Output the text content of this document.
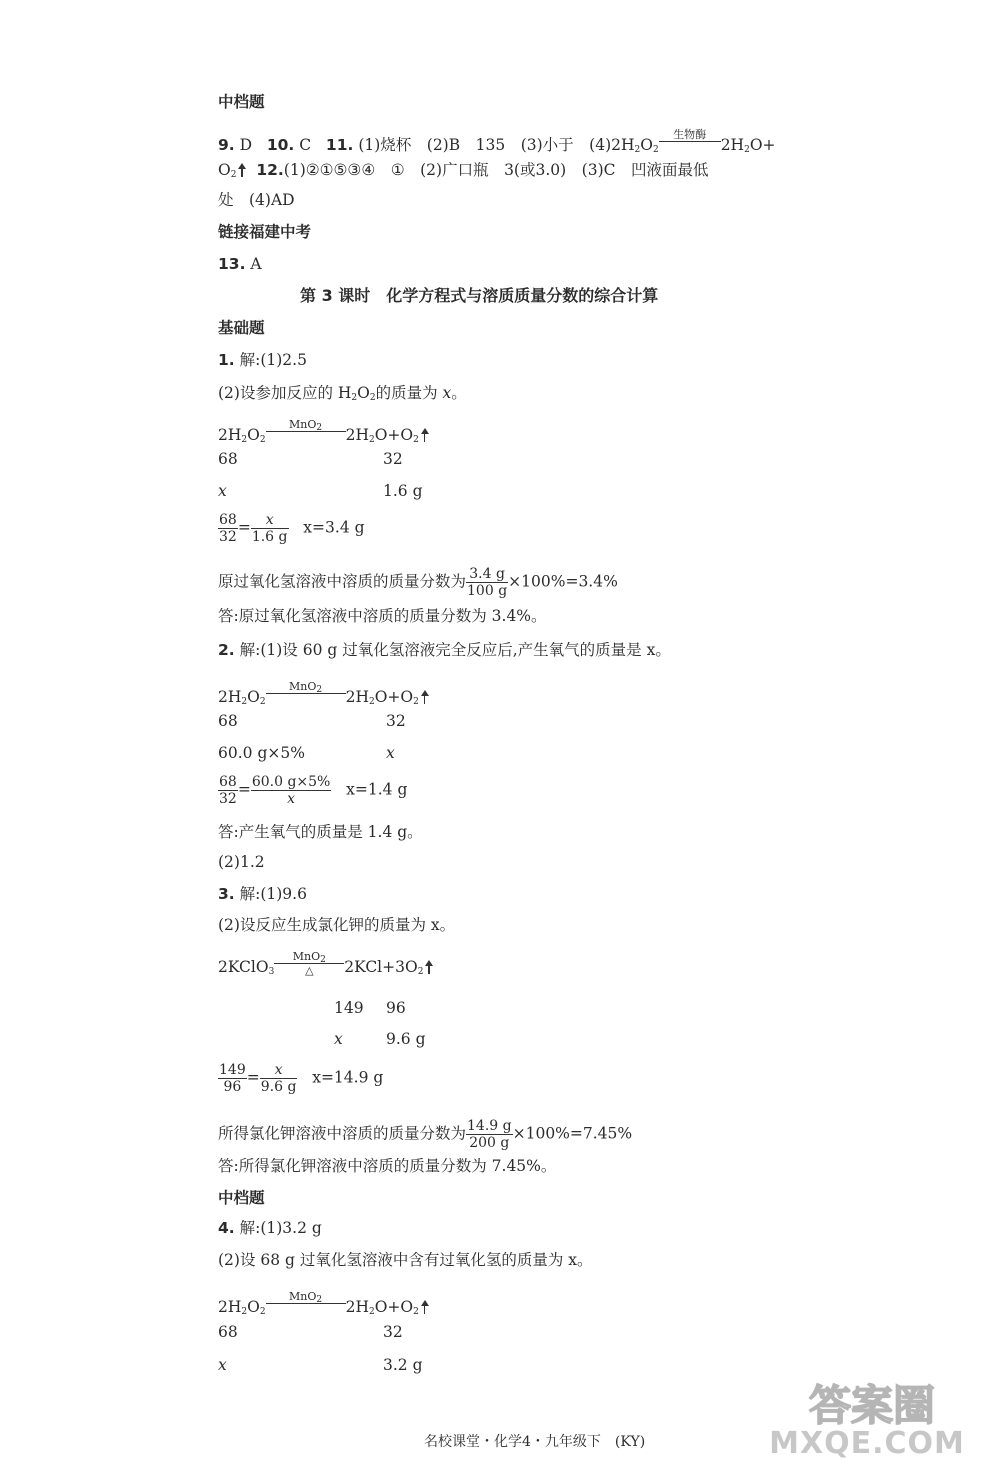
中档题
9. D 10. C 11. (1)烧杯　(2)B　135　(3)小于　$(4)2H_2O_2$
生物酶

$2H_2O+$
$O_2$ 12.(1)②①⑤③④　①　(2)广口瓶　3(或3.0)　(3)C　凹液面最低
处　(4)AD
链接福建中考
13. A
第 3 课时　化学方程式与溶质质量分数的综合计算
基础题
1. 解:(1)2.5
(2)设参加反应的 $H_2O_2$的质量为 x。
$2H_2O_2$
MnO$_2$
	$2H_2O+O_2$
68	32
x	1.6 g
$\frac{68}{32} = \frac{x}{1.6 g} x=3.4$ g
原过氧化氢溶液中溶质的质量分数为 $\frac{3.4 g}{100 g} \times 100\%=3.4\%$
答:原过氧化氢溶液中溶质的质量分数为 3.4%。
2. 解:(1)设 60 g 过氧化氢溶液完全反应后,产生氧气的质量是 x。
$2H_2O_2$
MnO$_2$
	$2H_2O+O_2$
68	32
60.0 g×5%	x
$\frac{68}{32} = \frac{60.0 g\times 5\%}{x} x=1.4$ g
答:产生氧气的质量是 1.4 g。
(2)1.2
3. 解:(1)9.6
(2)设反应生成氯化钾的质量为 x。
2KClO$_3$
MnO$_2$
△	$2KCl+3O_2$
149 96
x	9.6 g
$\frac{149}{96} = \frac{x}{9.6 g} x=14.9$ g
所得氯化钾溶液中溶质的质量分数为 $\frac{14.9 g}{200 g} \times 100\%=7.45\%$
答:所得氯化钾溶液中溶质的质量分数为 7.45%。
中档题
4. 解:(1)3.2 g
(2)设 68 g 过氧化氢溶液中含有过氧化氢的质量为 x。
$2H_2O_2$
MnO$_2$
	$2H_2O+O_2$
68	32
x	3.2 g
名校课堂・化学4・九年级下　(KY)
答案圈
MXQE.COM
